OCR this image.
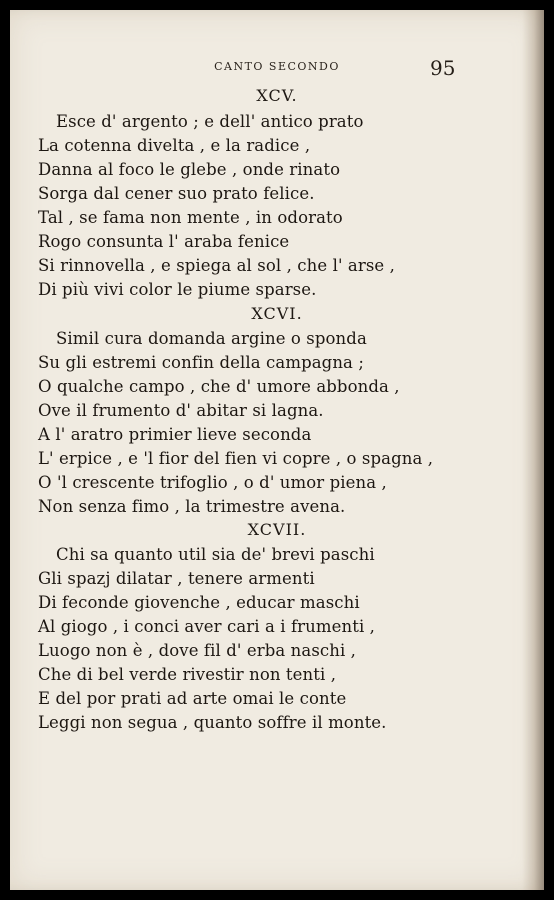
CANTO SECONDO	95
XCV.
Esce d' argento ; e dell' antico prato
La cotenna divelta , e la radice ,
Danna al foco le glebe , onde rinato
Sorga dal cener suo prato felice.
Tal , se fama non mente , in odorato
Rogo consunta l' araba fenice
Si rinnovella , e spiega al sol , che l' arse ,
Di più vivi color le piume sparse.
XCVI.
Simil cura domanda argine o sponda
Su gli estremi confin della campagna ;
O qualche campo , che d' umore abbonda ,
Ove il frumento d' abitar si lagna.
A l' aratro primier lieve seconda
L' erpice , e 'l fior del fien vi copre , o spagna ,
O 'l crescente trifoglio , o d' umor piena ,
Non senza fimo , la trimestre avena.
XCVII.
Chi sa quanto util sia de' brevi paschi
Gli spazj dilatar , tenere armenti
Di feconde giovenche , educar maschi
Al giogo , i conci aver cari a i frumenti ,
Luogo non è , dove fil d' erba naschi ,
Che di bel verde rivestir non tenti ,
E del por prati ad arte omai le conte
Leggi non segua , quanto soffre il monte.
